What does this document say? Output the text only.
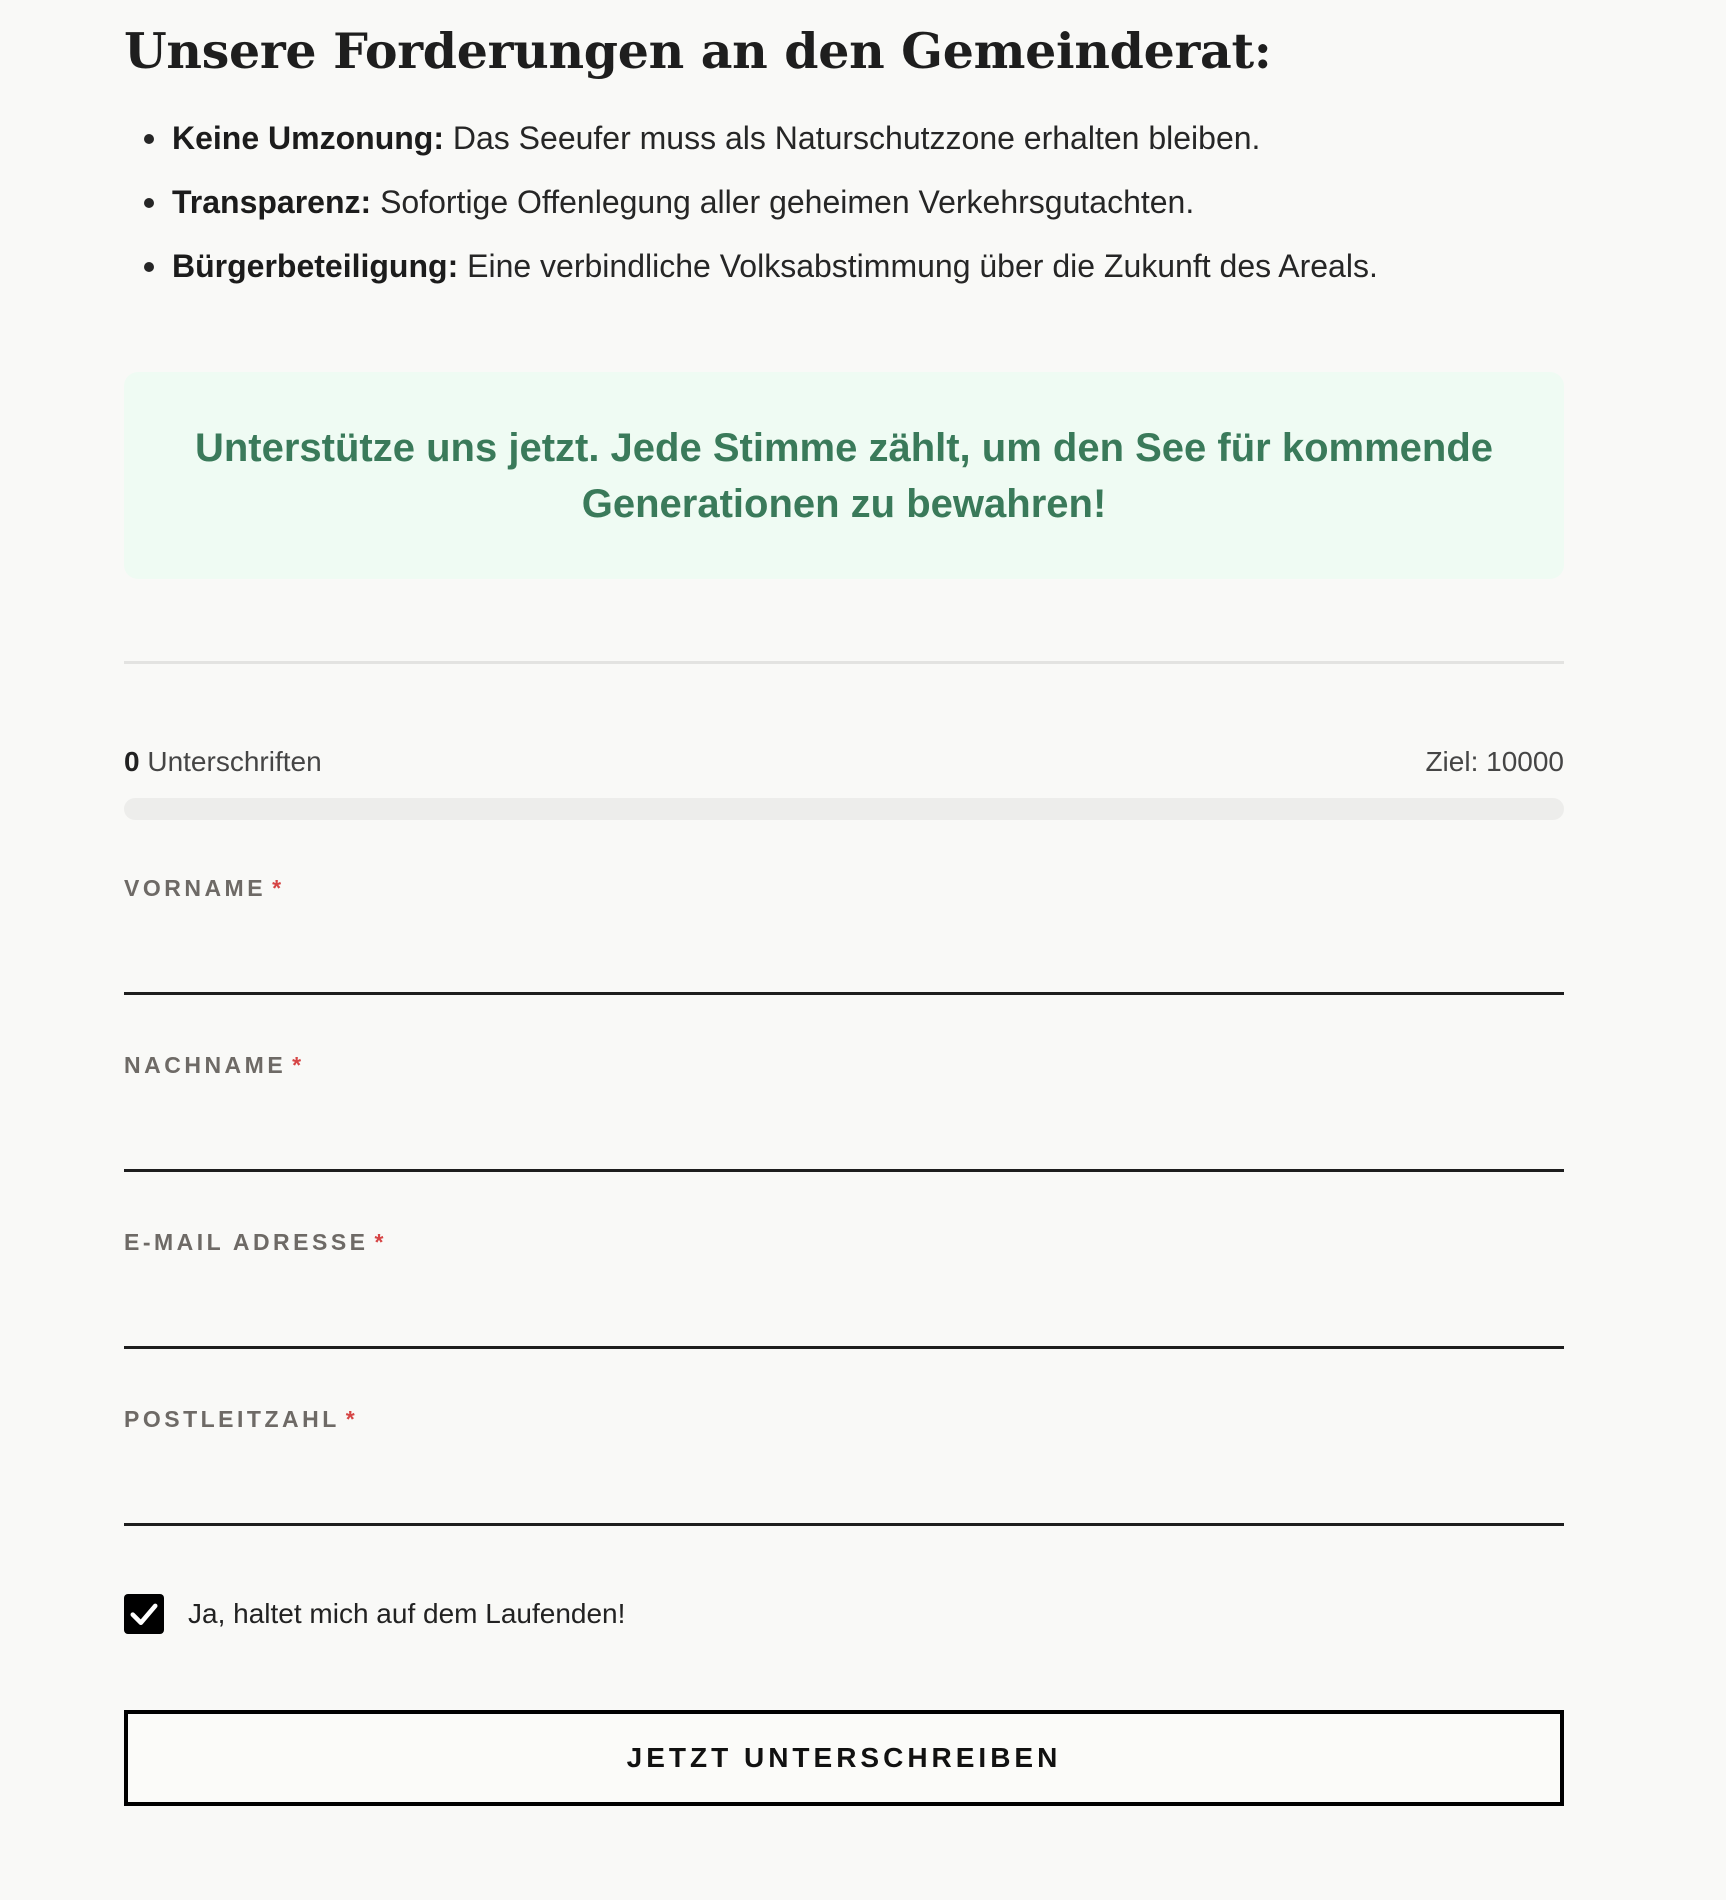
Unsere Forderungen an den Gemeinderat:
Keine Umzonung: Das Seeufer muss als Naturschutzzone erhalten bleiben.
Transparenz: Sofortige Offenlegung aller geheimen Verkehrsgutachten.
Bürgerbeteiligung: Eine verbindliche Volksabstimmung über die Zukunft des Areals.

Unterstütze uns jetzt. Jede Stimme zählt, um den See für kommende Generationen zu bewahren!

0 Unterschriften	Ziel: 10000
VORNAME *
NACHNAME *
E-MAIL ADRESSE *
POSTLEITZAHL *
Ja, haltet mich auf dem Laufenden!
JETZT UNTERSCHREIBEN
